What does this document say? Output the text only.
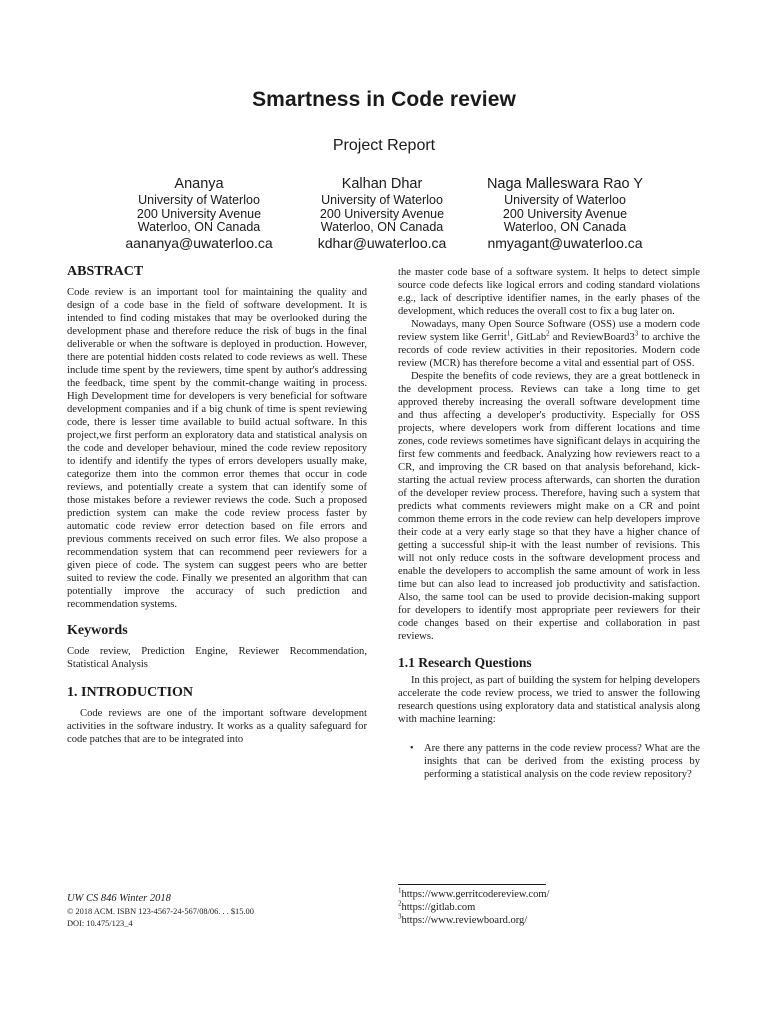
Smartness in Code review
Project Report
Ananya
University of Waterloo
200 University Avenue
Waterloo, ON Canada
aananya@uwaterloo.ca
Kalhan Dhar
University of Waterloo
200 University Avenue
Waterloo, ON Canada
kdhar@uwaterloo.ca
Naga Malleswara Rao Y
University of Waterloo
200 University Avenue
Waterloo, ON Canada
nmyagant@uwaterloo.ca
ABSTRACT

Code review is an important tool for maintaining the quality and design of a code base in the field of software development. It is intended to find coding mistakes that may be overlooked during the development phase and therefore reduce the risk of bugs in the final deliverable or when the software is deployed in production. However, there are potential hidden costs related to code reviews as well. These include time spent by the reviewers, time spent by author's addressing the feedback, time spent by the commit-change waiting in process. High Development time for developers is very beneficial for software development companies and if a big chunk of time is spent reviewing code, there is lesser time available to build actual software. In this project,we first perform an exploratory data and statistical analysis on the code and developer behaviour, mined the code review repository to identify and identify the types of errors developers usually make, categorize them into the common error themes that occur in code reviews, and potentially create a system that can identify some of those mistakes before a reviewer reviews the code. Such a proposed prediction system can make the code review process faster by automatic code review error detection based on file errors and previous comments received on such error files. We also propose a recommendation system that can recommend peer reviewers for a given piece of code. The system can suggest peers who are better suited to review the code. Finally we presented an algorithm that can potentially improve the accuracy of such prediction and recommendation systems.

Keywords

Code review, Prediction Engine, Reviewer Recommendation, Statistical Analysis

1. INTRODUCTION

Code reviews are one of the important software development activities in the software industry. It works as a quality safeguard for code patches that are to be integrated into

UW CS 846 Winter 2018
© 2018 ACM. ISBN 123-4567-24-567/08/06. . . $15.00
DOI: 10.475/123_4

the master code base of a software system. It helps to detect simple source code defects like logical errors and coding standard violations e.g., lack of descriptive identifier names, in the early phases of the development, which reduces the overall cost to fix a bug later on.

Nowadays, many Open Source Software (OSS) use a modern code review system like Gerrit$^1$, GitLab$^2$ and $ReviewBoard3^3$ to archive the records of code review activities in their repositories. Modern code review (MCR) has therefore become a vital and essential part of OSS.

Despite the benefits of code reviews, they are a great bottleneck in the development process. Reviews can take a long time to get approved thereby increasing the overall software development time and thus affecting a developer's productivity. Especially for OSS projects, where developers work from different locations and time zones, code reviews sometimes have significant delays in acquiring the first few comments and feedback. Analyzing how reviewers react to a CR, and improving the CR based on that analysis beforehand, kick-starting the actual review process afterwards, can shorten the duration of the developer review process. Therefore, having such a system that predicts what comments reviewers might make on a CR and point common theme errors in the code review can help developers improve their code at a very early stage so that they have a higher chance of getting a successful ship-it with the least number of revisions. This will not only reduce costs in the software development process and enable the developers to accomplish the same amount of work in less time but can also lead to increased job productivity and satisfaction. Also, the same tool can be used to provide decision-making support for developers to identify most appropriate peer reviewers for their code changes based on their expertise and collaboration in past reviews.

1.1 Research Questions

In this project, as part of building the system for helping developers accelerate the code review process, we tried to answer the following research questions using exploratory data and statistical analysis along with machine learning:

• Are there any patterns in the code review process? What are the insights that can be derived from the existing process by performing a statistical analysis on the code review repository?

$^1$https://www.gerritcodereview.com/
$^2$https://gitlab.com
$^3$https://www.reviewboard.org/
